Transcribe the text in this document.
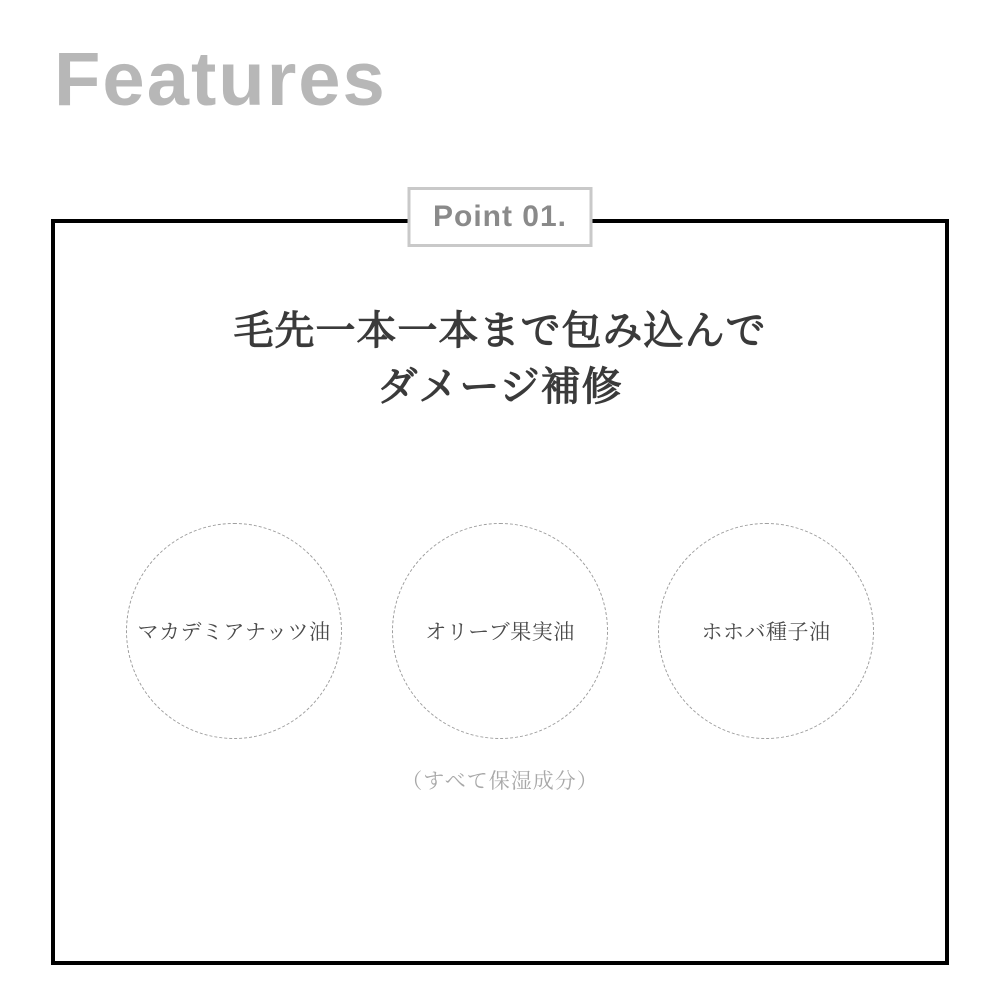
Features
Point 01.
毛先一本一本まで包み込んで
ダメージ補修
マカデミアナッツ油	オリーブ果実油	ホホバ種子油
（すべて保湿成分）
